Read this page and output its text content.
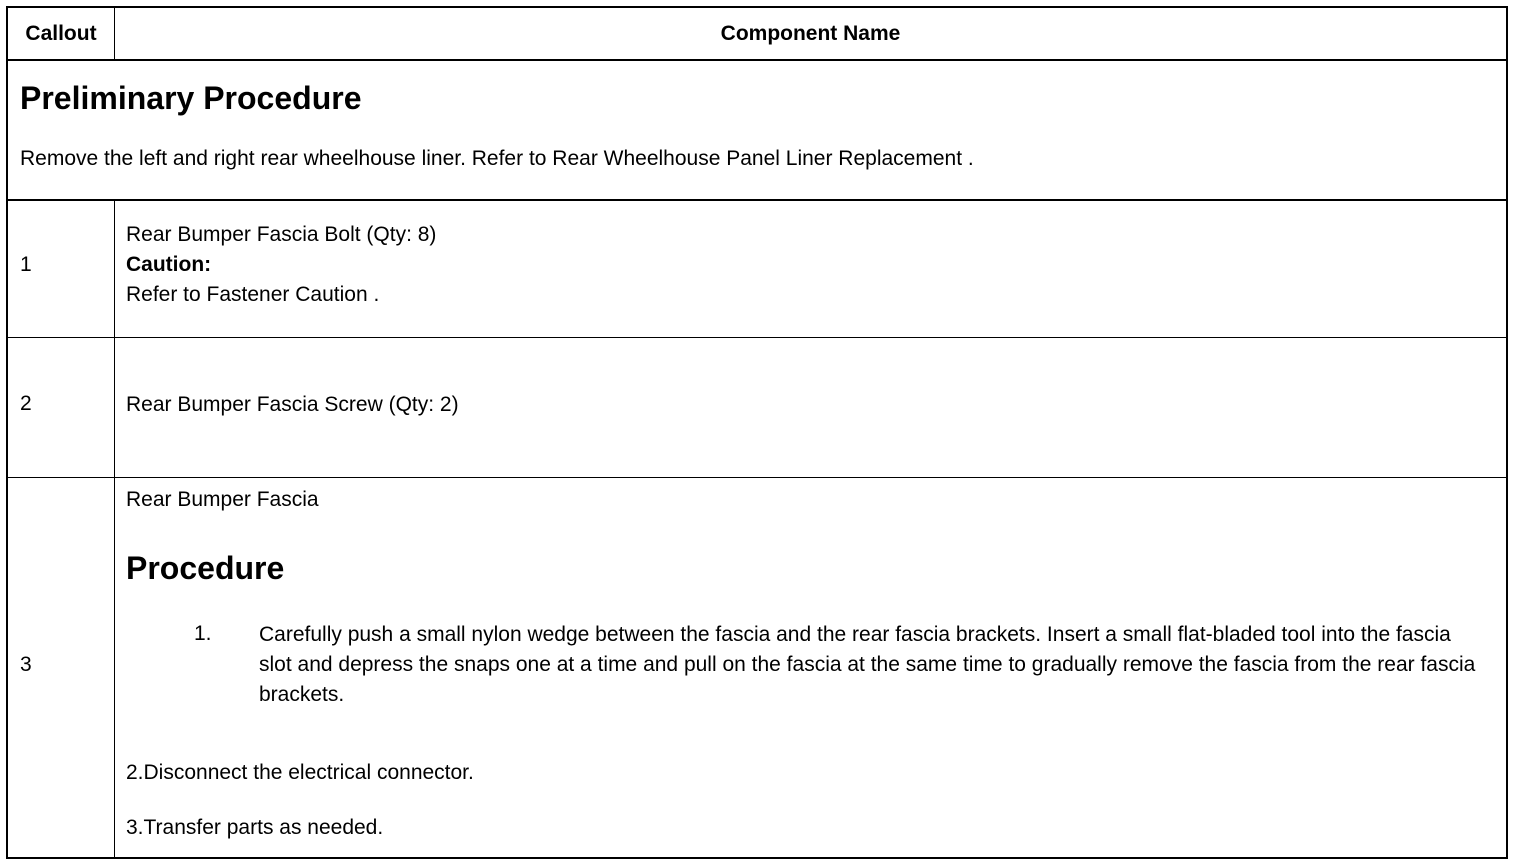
Callout	Component Name
Preliminary Procedure
Remove the left and right rear wheelhouse liner. Refer to Rear Wheelhouse Panel Liner Replacement .
1
Rear Bumper Fascia Bolt (Qty: 8)
Caution:
Refer to Fastener Caution .
2	Rear Bumper Fascia Screw (Qty: 2)
3
Rear Bumper Fascia
Procedure
1. Carefully push a small nylon wedge between the fascia and the rear fascia brackets. Insert a small flat-bladed tool into the fascia slot and depress the snaps one at a time and pull on the fascia at the same time to gradually remove the fascia from the rear fascia brackets.
2.Disconnect the electrical connector.
3.Transfer parts as needed.
